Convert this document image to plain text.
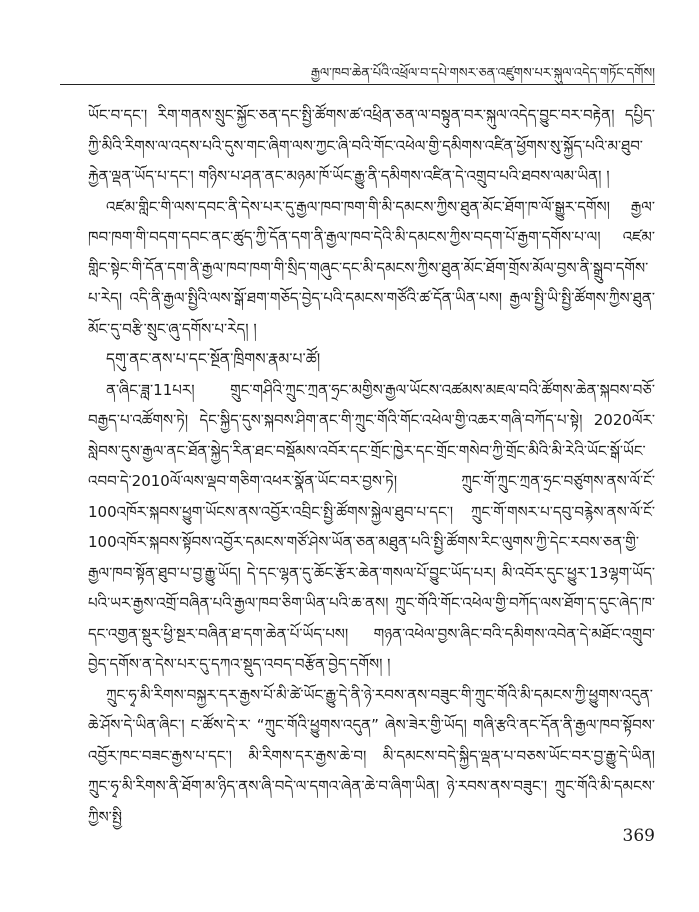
རྒྱལ་ཁབ་ཆེན་པོའི་འཕྲོལ་བ་དཔེ་གསར་ཅན་འཛུགས་པར་སྐུལ་འདེད་གཏོང་དགོས།

ཡོང་བ་དང་། རིག་གནས་སྲུང་སྐྱོང་ཅན་དང་སྤྱི་ཚོགས་ཚ་འཕྲིན་ཅན་ལ་བསྟུན་བར་སྐུལ་འདེད་བྱུང་བར་བརྟེན། དཔྱིད་ཀྱི་མིའི་རིགས་ལ་འདས་པའི་དུས་གང་ཞིག་ལས་ཀྱང་ཞི་བའི་གོང་འཕེལ་གྱི་དམིགས་འཛིན་ཕྱོགས་སུ་སྐྱོད་པའི་མ་ཐུབ་རྐྱེན་ལྡན་ཡོད་པ་དང་། གཉིས་པ་ཤན་ནང་མཉམ་ཁོ་ཡོང་རྒྱུ་ནི་དམིགས་འཛིན་དེ་འགྲུབ་པའི་ཐབས་ལམ་ཡིན། །

འཛམ་གླིང་གི་ལས་དབང་ནི་དེས་པར་དུ་རྒྱལ་ཁབ་ཁག་གི་མི་དམངས་ཀྱིས་ཐུན་མོང་ཐོག་ཁ་ལོ་སྒྱུར་དགོས། རྒྱལ་ཁབ་ཁག་གི་བདག་དབང་ནང་ཚུད་ཀྱི་དོན་དག་ནི་རྒྱལ་ཁབ་དེའི་མི་དམངས་ཀྱིས་བདག་པོ་རྒྱག་དགོས་པ་ལ། འཛམ་གླིང་སྟེང་གི་དོན་དག་ནི་རྒྱལ་ཁབ་ཁག་གི་སྲིད་གཞུང་དང་མི་དམངས་ཀྱིས་ཐུན་མོང་ཐོག་གྲོས་མོལ་བྱས་ནི་སྒྲུབ་དགོས་པ་རེད། འདི་ནི་རྒྱལ་སྤྱིའི་ལས་སྒོ་ཐག་གཅོད་བྱེད་པའི་དམངས་གཙོའི་ཚ་དོན་ཡིན་པས། རྒྱལ་སྤྱི་ཡི་སྤྱི་ཚོགས་ཀྱིས་ཐུན་མོང་དུ་བརྩི་སྲུང་ཞུ་དགོས་པ་རེད། །

དགུ་ནང་ནས་པ་དང་སྔོན་ཁྲིགས་རྣམ་པ་ཚོ།

ན་ཞིང་ཟླ་11པར། གྲུང་གཤིའི་ཀྲུང་ཀྲན་ཧྲང་མགྱིས་རྒྱལ་ཡོངས་འཚམས་མཇལ་བའི་ཚོགས་ཆེན་སྐབས་བཅོ་བརྒྱད་པ་འཚོགས་ཏེ། དེང་སྐྱིད་དུས་སྐབས་ཤིག་ནང་གི་ཀྲུང་གོའི་གོང་འཕེལ་གྱི་འཆར་གཞི་བཀོད་པ་སྟེ། 2020ལོར་སླེབས་དུས་རྒྱལ་ནང་ཐོན་སྐྱེད་རིན་ཐང་བསྡོམས་འབོར་དང་གྲོང་ཁྱེར་དང་གྲོང་གསེབ་ཀྱི་གྲོང་མིའི་མི་རེའི་ཡོང་སྒོ་ཡོང་འབབ་དེ་2010ལོ་ལས་ལྡབ་གཅིག་འཕར་སྣོན་ཡོང་བར་བྱས་ཏེ། ཀྲུང་གོ་ཀྲུང་ཀྲན་ཧྲང་བཙུགས་ནས་ལོ་ངོ་100འཁོར་སྐབས་ཕྱུག་ཡོངས་ནས་འབྱོར་འབྲིང་སྤྱི་ཚོགས་སྐྱེལ་ཐུབ་པ་དང་། ཀྲུང་གོ་གསར་པ་དབུ་བརྙེས་ནས་ལོ་ངོ་100འཁོར་སྐབས་སྟོབས་འབྱོར་དམངས་གཙོ་ཤེས་ཡོན་ཅན་མཐུན་པའི་སྤྱི་ཚོགས་རིང་ལུགས་ཀྱི་དེང་རབས་ཅན་གྱི་རྒྱལ་ཁབ་སྟོན་ཐུབ་པ་བྱ་རྒྱུ་ཡོད། དེ་དང་ལྷན་དུ་ཆོང་རྩོར་ཆེན་གསལ་པོ་བྱུང་ཡོད་པར། མི་འབོར་དུང་ཕྱུར་13ལྷག་ཡོད་པའི་ཡར་རྒྱས་འགྲོ་བཞིན་པའི་རྒྱལ་ཁབ་ཅིག་ཡིན་པའི་ཆ་ནས། ཀྲུང་གོའི་གོང་འཕེལ་གྱི་བཀོད་ལས་ཐོག་ད་དུང་ཞེད་ཁ་དང་འགྱན་སྡུར་ཕྱི་སྔར་བཞིན་ཐ་དག་ཆེན་པོ་ཡོད་པས། གཉན་འཕེལ་བྱས་ཞིང་བའི་དམིགས་འབེན་དེ་མཐོང་འགྲུབ་བྱེད་དགོས་ན་དེས་པར་དུ་དཀའ་སྡུད་འབད་བརྩོན་བྱེད་དགོས། །

ཀྲུང་ཧྭ་མི་རིགས་བསྐྱར་དར་རྒྱས་པོ་མི་ཚེ་ཡོང་རྒྱུ་དེ་ནི་ཉེ་རབས་ནས་བཟུང་གི་ཀྲུང་གོའི་མི་དམངས་ཀྱི་ཕྱུགས་འདུན་ཆེ་ཤོས་དེ་ཡིན་ཞིང་། ང་ཚོས་དེ་ར་ “ཀྲུང་གོའི་ཕྱུགས་འདུན” ཞེས་ཟེར་གྱི་ཡོད། གཞི་རྩའི་ནང་དོན་ནི་རྒྱལ་ཁབ་སྟོབས་འབྱོར་ཁང་བཟང་རྒྱས་པ་དང་། མི་རིགས་དར་རྒྱས་ཆེ་བ། མི་དམངས་བདེ་སྐྱིད་ལྡན་པ་བཅས་ཡོང་བར་བྱ་རྒྱུ་དེ་ཡིན། ཀྲུང་ཧྭ་མི་རིགས་ནི་ཐོག་མ་ཉིད་ནས་ཞི་བདེ་ལ་དགའ་ཞེན་ཆེ་བ་ཞིག་ཡིན། ཉེ་རབས་ནས་བཟུང་། ཀྲུང་གོའི་མི་དམངས་ཀྱིས་སྤྱི

369
